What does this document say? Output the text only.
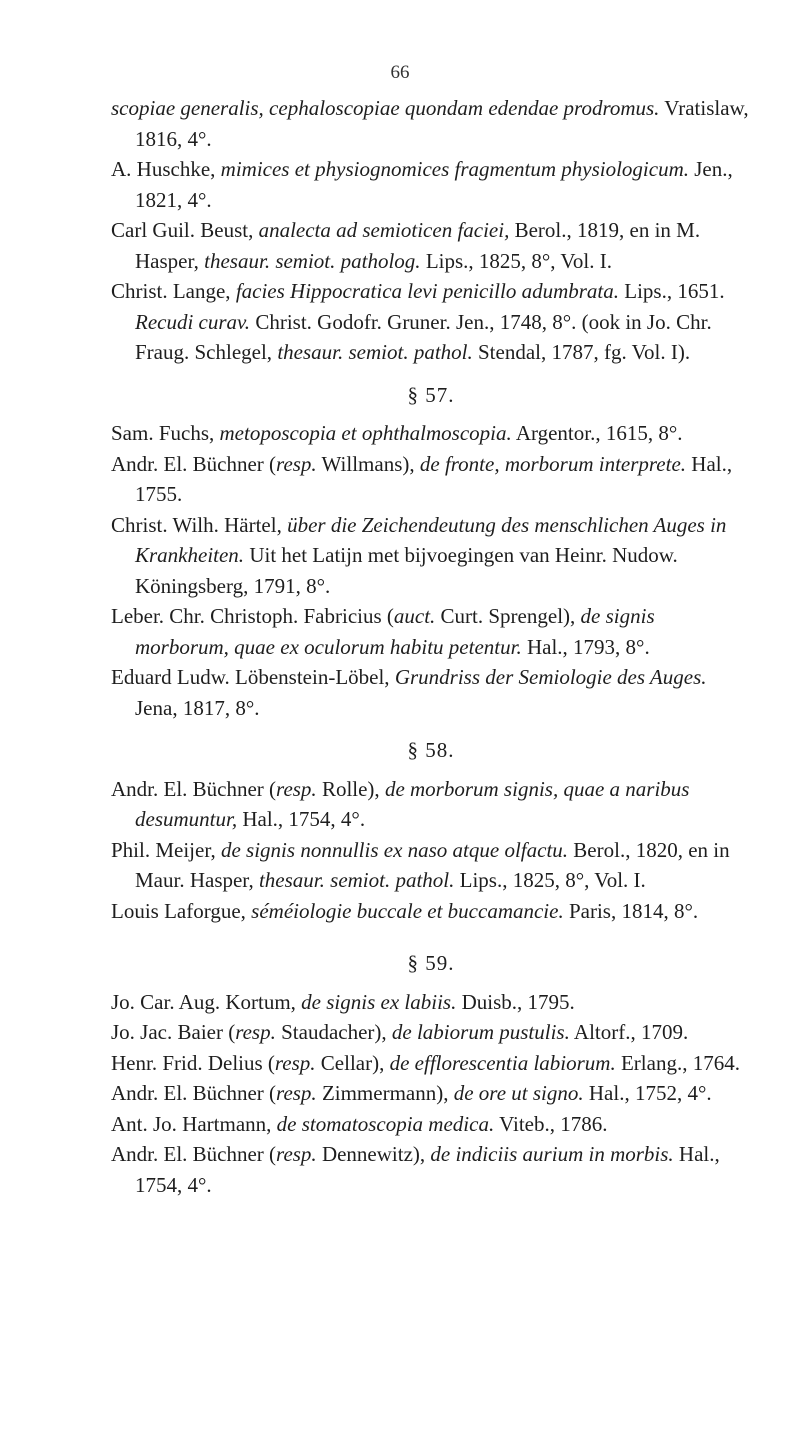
66

scopiae generalis, cephaloscopiae quondam edendae prodromus. Vratislaw, 1816, 4°.

A. Huschke, mimices et physiognomices fragmentum physiologicum. Jen., 1821, 4°.

Carl Guil. Beust, analecta ad semioticen faciei, Berol., 1819, en in M. Hasper, thesaur. semiot. patholog. Lips., 1825, 8°, Vol. I.

Christ. Lange, facies Hippocratica levi penicillo adumbrata. Lips., 1651. Recudi curav. Christ. Godofr. Gruner. Jen., 1748, 8°. (ook in Jo. Chr. Fraug. Schlegel, thesaur. semiot. pathol. Stendal, 1787, fg. Vol. I).

§ 57.

Sam. Fuchs, metoposcopia et ophthalmoscopia. Argentor., 1615, 8°.

Andr. El. Büchner (resp. Willmans), de fronte, morborum interprete. Hal., 1755.

Christ. Wilh. Härtel, über die Zeichendeutung des menschlichen Auges in Krankheiten. Uit het Latijn met bijvoegingen van Heinr. Nudow. Köningsberg, 1791, 8°.

Leber. Chr. Christoph. Fabricius (auct. Curt. Sprengel), de signis morborum, quae ex oculorum habitu petentur. Hal., 1793, 8°.

Eduard Ludw. Löbenstein-Löbel, Grundriss der Semiologie des Auges. Jena, 1817, 8°.

§ 58.

Andr. El. Büchner (resp. Rolle), de morborum signis, quae a naribus desumuntur, Hal., 1754, 4°.

Phil. Meijer, de signis nonnullis ex naso atque olfactu. Berol., 1820, en in Maur. Hasper, thesaur. semiot. pathol. Lips., 1825, 8°, Vol. I.

Louis Laforgue, séméiologie buccale et buccamancie. Paris, 1814, 8°.

§ 59.

Jo. Car. Aug. Kortum, de signis ex labiis. Duisb., 1795.

Jo. Jac. Baier (resp. Staudacher), de labiorum pustulis. Altorf., 1709.

Henr. Frid. Delius (resp. Cellar), de efflorescentia labiorum. Erlang., 1764.

Andr. El. Büchner (resp. Zimmermann), de ore ut signo. Hal., 1752, 4°.

Ant. Jo. Hartmann, de stomatoscopia medica. Viteb., 1786.

Andr. El. Büchner (resp. Dennewitz), de indiciis aurium in morbis. Hal., 1754, 4°.
